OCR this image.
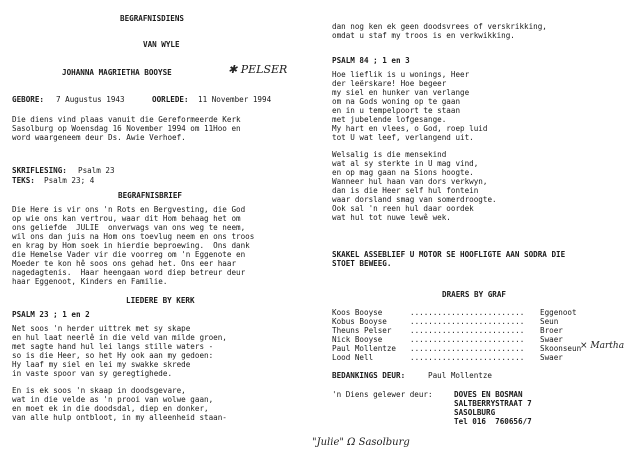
BEGRAFNISDIENS
VAN WYLE
JOHANNA MAGRIETHA BOOYSE	✱ PELSER
GEBORE: 7 Augustus 1943	OORLEDE: 11 November 1994
Die diens vind plaas vanuit die Gereformeerde Kerk
Sasolburg op Woensdag 16 November 1994 om 11Hoo en
word waargeneem deur Ds. Awie Verhoef.
SKRIFLESING: Psalm 23
TEKS: Psalm 23; 4
BEGRAFNISBRIEF
Die Here is vir ons 'n Rots en Bergvesting, die God
op wie ons kan vertrou, waar dit Hom behaag het om
ons geliefde  JULIE  onverwags van ons weg te neem,
wil ons dan juis na Hom ons toevlug neem en ons troos
en krag by Hom soek in hierdie beproewing.  Ons dank
die Hemelse Vader vir die voorreg om 'n Eggenote en
Moeder te kon hê soos ons gehad het. Ons eer haar
nagedagtenis.  Haar heengaan word diep betreur deur
haar Eggenoot, Kinders en Familie.
LIEDERE BY KERK
PSALM 23 ; 1 en 2
Net soos 'n herder uittrek met sy skape
en hul laat neerlê in die veld van milde groen,
met sagte hand hul lei langs stille waters -
so is die Heer, so het Hy ook aan my gedoen:
Hy laaf my siel en lei my swakke skrede
in vaste spoor van sy geregtighede.
En is ek soos 'n skaap in doodsgevare,
wat in die velde as 'n prooi van wolwe gaan,
en moet ek in die doodsdal, diep en donker,
van alle hulp ontbloot, in my alleenheid staan-
dan nog ken ek geen doodsvrees of verskrikking,
omdat u staf my troos is en verkwikking.
PSALM 84 ; 1 en 3
Hoe lieflik is u wonings, Heer
der leërskare! Hoe begeer
my siel en hunker van verlange
om na Gods woning op te gaan
en in u tempelpoort te staan
met jubelende lofgesange.
My hart en vlees, o God, roep luid
tot U wat leef, verlangend uit.
Welsalig is die mensekind
wat al sy sterkte in U mag vind,
en op mag gaan na Sions hoogte.
Wanneer hul haan van dors verkwyn,
dan is die Heer self hul fontein
waar dorsland smag van somerdroogte.
Ook sal 'n reen hul daar oordek
wat hul tot nuwe lewê wek.
SKAKEL ASSEBLIEF U MOTOR SE HOOFLIGTE AAN SODRA DIE
STOET BEWEEG.
DRAERS BY GRAF
Koos Booyse	......................... Eggenoot
Kobus Booyse	......................... Seun
Theuns Pelser ......................... Broer
Nick Booyse	......................... Swaer
Paul Mollentze ......................... Skoonseun
Lood Nell	......................... Swaer
× Martha
BEDANKINGS DEUR:	Paul Mollentze
'n Diens gelewer deur:	DOVES EN BOSMAN
SALTBERRYSTRAAT 7
SASOLBURG
Tel 016  760656/7
"Julie" Ω Sasolburg
